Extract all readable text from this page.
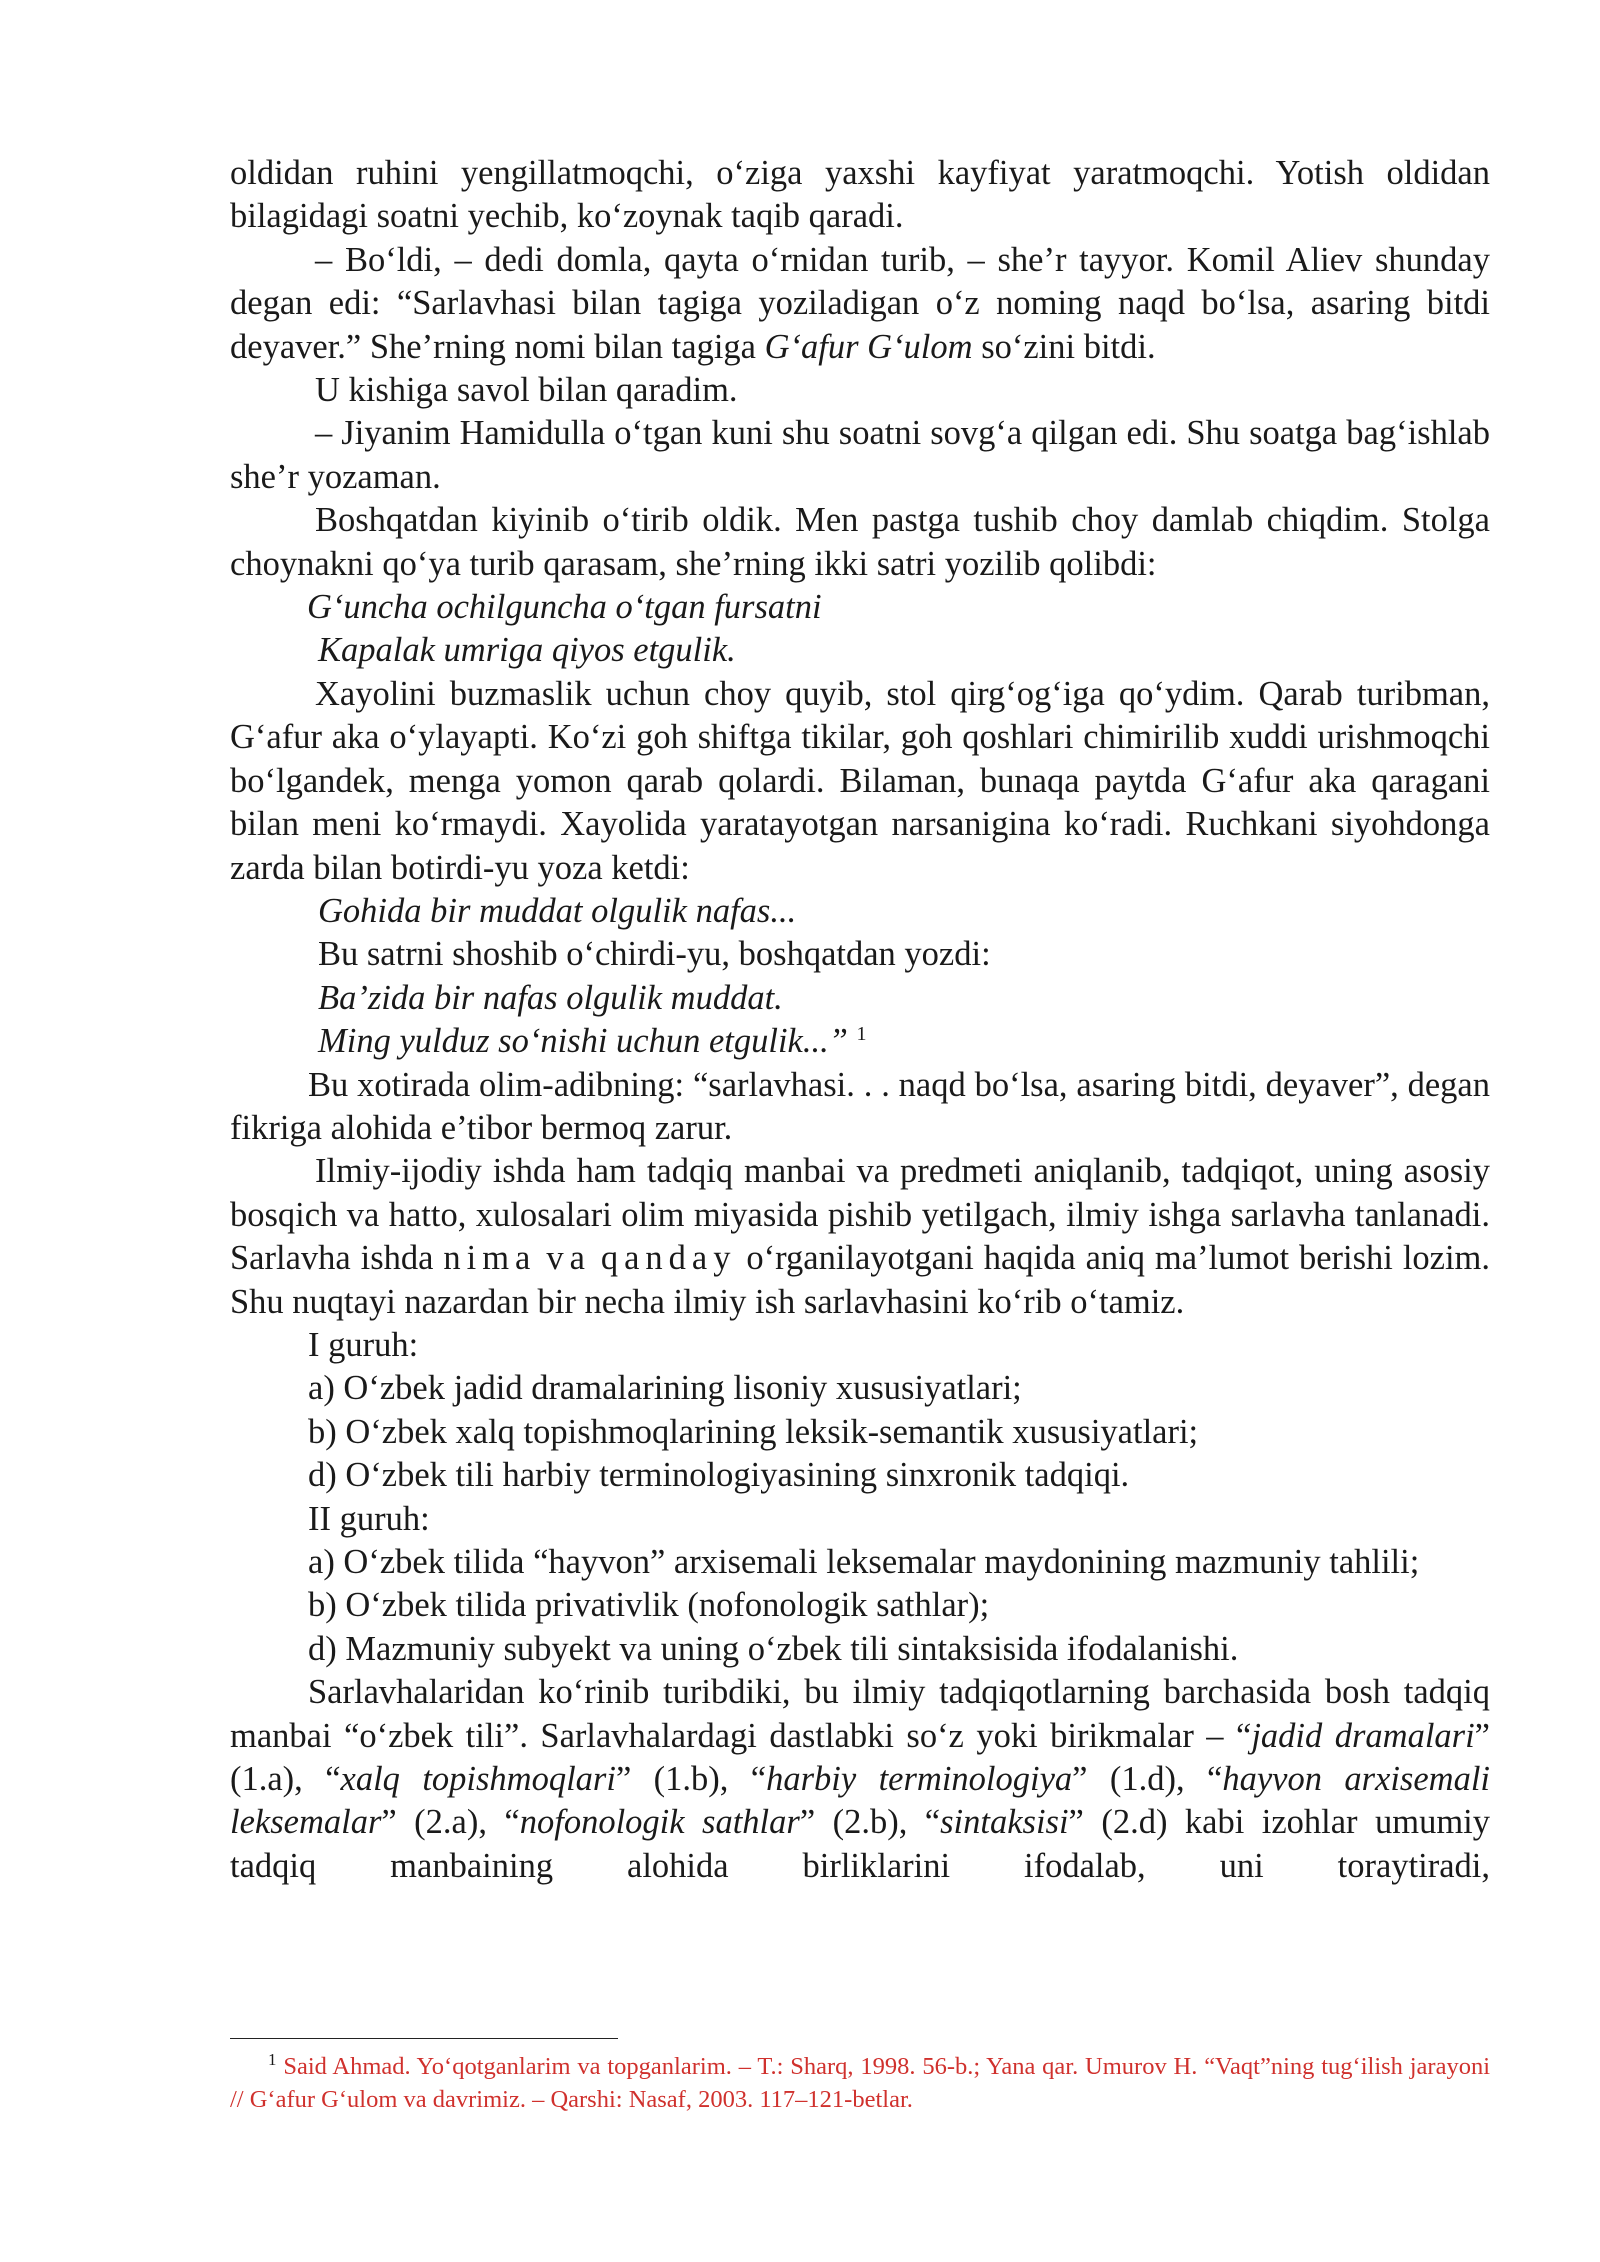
oldidan ruhini yengillatmoqchi, o‘ziga yaxshi kayfiyat yaratmoqchi. Yotish oldidan bilagidagi soatni yechib, ko‘zoynak taqib qaradi.

– Bo‘ldi, – dedi domla, qayta o‘rnidan turib, – she’r tayyor. Komil Aliev shunday degan edi: “Sarlavhasi bilan tagiga yoziladigan o‘z noming naqd bo‘lsa, asaring bitdi deyaver.” She’rning nomi bilan tagiga G‘afur G‘ulom so‘zini bitdi.

U kishiga savol bilan qaradim.

– Jiyanim Hamidulla o‘tgan kuni shu soatni sovg‘a qilgan edi. Shu soatga bag‘ishlab she’r yozaman.

Boshqatdan kiyinib o‘tirib oldik. Men pastga tushib choy damlab chiqdim. Stolga choynakni qo‘ya turib qarasam, she’rning ikki satri yozilib qolibdi:

G‘uncha ochilguncha o‘tgan fursatni

Kapalak umriga qiyos etgulik.

Xayolini buzmaslik uchun choy quyib, stol qirg‘og‘iga qo‘ydim. Qarab turibman, G‘afur aka o‘ylayapti. Ko‘zi goh shiftga tikilar, goh qoshlari chimirilib xuddi urishmoqchi bo‘lgandek, menga yomon qarab qolardi. Bilaman, bunaqa paytda G‘afur aka qaragani bilan meni ko‘rmaydi. Xayolida yaratayotgan narsanigina ko‘radi. Ruchkani siyohdonga zarda bilan botirdi-yu yoza ketdi:

Gohida bir muddat olgulik nafas...

Bu satrni shoshib o‘chirdi-yu, boshqatdan yozdi:

Ba’zida bir nafas olgulik muddat.

Ming yulduz so‘nishi uchun etgulik...” $^1$

Bu xotirada olim-adibning: “sarlavhasi. . . naqd bo‘lsa, asaring bitdi, deyaver”, degan fikriga alohida e’tibor bermoq zarur.

Ilmiy-ijodiy ishda ham tadqiq manbai va predmeti aniqlanib, tadqiqot, uning asosiy bosqich va hatto, xulosalari olim miyasida pishib yetilgach, ilmiy ishga sarlavha tanlanadi. Sarlavha ishda nima va qanday o‘rganilayotgani haqida aniq ma’lumot berishi lozim. Shu nuqtayi nazardan bir necha ilmiy ish sarlavhasini ko‘rib o‘tamiz.

I guruh:

a) O‘zbek jadid dramalarining lisoniy xususiyatlari;

b) O‘zbek xalq topishmoqlarining leksik-semantik xususiyatlari;

d) O‘zbek tili harbiy terminologiyasining sinxronik tadqiqi.

II guruh:

a) O‘zbek tilida “hayvon” arxisemali leksemalar maydonining mazmuniy tahlili;

b) O‘zbek tilida privativlik (nofonologik sathlar);

d) Mazmuniy subyekt va uning o‘zbek tili sintaksisida ifodalanishi.

Sarlavhalaridan ko‘rinib turibdiki, bu ilmiy tadqiqotlarning barchasida bosh tadqiq manbai “o‘zbek tili”. Sarlavhalardagi dastlabki so‘z yoki birikmalar – “jadid dramalari” (1.a), “xalq topishmoqlari” (1.b), “harbiy terminologiya” (1.d), “hayvon arxisemali leksemalar” (2.a), “nofonologik sathlar” (2.b), “sintaksisi” (2.d) kabi izohlar umumiy tadqiq manbaining alohida birliklarini ifodalab, uni toraytiradi,

$^1$ Said Ahmad. Yo‘qotganlarim va topganlarim. – T.: Sharq, 1998. 56-b.; Yana qar. Umurov H. “Vaqt”ning tug‘ilish jarayoni // G‘afur G‘ulom va davrimiz. – Qarshi: Nasaf, 2003. 117–121-betlar.
